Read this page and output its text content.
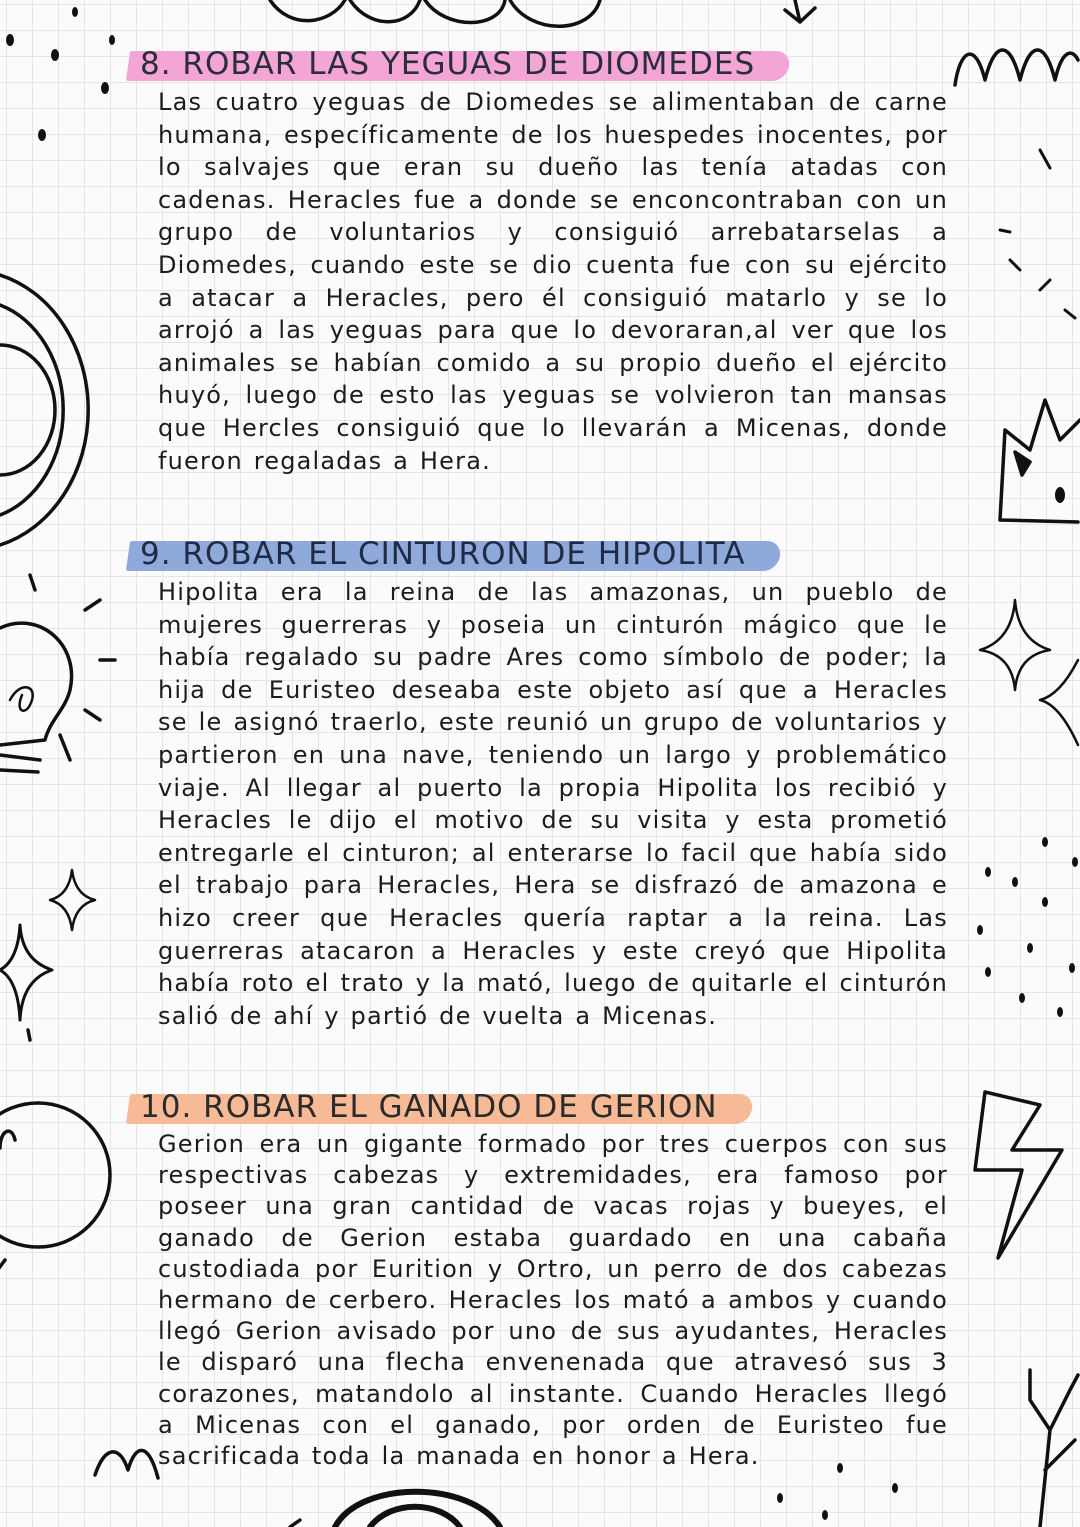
8. ROBAR LAS YEGUAS DE DIOMEDES

Las cuatro yeguas de Diomedes se alimentaban de carne humana, específicamente de los huespedes inocentes, por lo salvajes que eran su dueño las tenía atadas con cadenas. Heracles fue a donde se enconcontraban con un grupo de voluntarios y consiguió arrebatarselas a Diomedes, cuando este se dio cuenta fue con su ejército a atacar a Heracles, pero él consiguió matarlo y se lo arrojó a las yeguas para que lo devoraran,al ver que los animales se habían comido a su propio dueño el ejército huyó, luego de esto las yeguas se volvieron tan mansas que Hercles consiguió que lo llevarán a Micenas, donde fueron regaladas a Hera.

9. ROBAR EL CINTURON DE HIPOLITA

Hipolita era la reina de las amazonas, un pueblo de mujeres guerreras y poseia un cinturón mágico que le había regalado su padre Ares como símbolo de poder; la hija de Euristeo deseaba este objeto así que a Heracles se le asignó traerlo, este reunió un grupo de voluntarios y partieron en una nave, teniendo un largo y problemático viaje. Al llegar al puerto la propia Hipolita los recibió y Heracles le dijo el motivo de su visita y esta prometió entregarle el cinturon; al enterarse lo facil que había sido el trabajo para Heracles, Hera se disfrazó de amazona e hizo creer que Heracles quería raptar a la reina. Las guerreras atacaron a Heracles y este creyó que Hipolita había roto el trato y la mató, luego de quitarle el cinturón salió de ahí y partió de vuelta a Micenas.

10. ROBAR EL GANADO DE GERION

Gerion era un gigante formado por tres cuerpos con sus respectivas cabezas y extremidades, era famoso por poseer una gran cantidad de vacas rojas y bueyes, el ganado de Gerion estaba guardado en una cabaña custodiada por Eurition y Ortro, un perro de dos cabezas hermano de cerbero. Heracles los mató a ambos y cuando llegó Gerion avisado por uno de sus ayudantes, Heracles le disparó una flecha envenenada que atravesó sus 3 corazones, matandolo al instante. Cuando Heracles llegó a Micenas con el ganado, por orden de Euristeo fue sacrificada toda la manada en honor a Hera.
